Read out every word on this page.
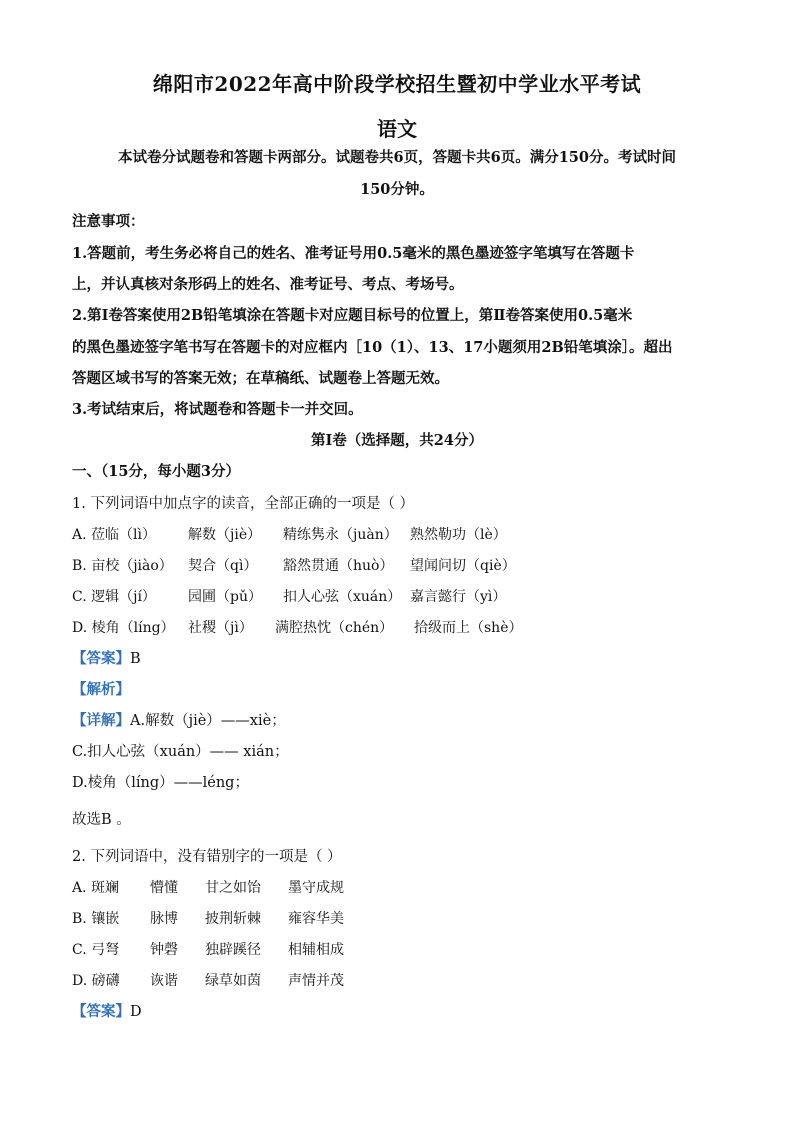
绵阳市2022年高中阶段学校招生暨初中学业水平考试
语文
本试卷分试题卷和答题卡两部分。试题卷共6页，答题卡共6页。满分150分。考试时间
150分钟。
注意事项：
1.答题前，考生务必将自己的姓名、准考证号用0.5毫米的黑色墨迹签字笔填写在答题卡
上，并认真核对条形码上的姓名、准考证号、考点、考场号。
2.第Ⅰ卷答案使用2B铅笔填涂在答题卡对应题目标号的位置上，第Ⅱ卷答案使用0.5毫米
的黑色墨迹签字笔书写在答题卡的对应框内［10（1）、13、17小题须用2B铅笔填涂］。超出
答题区域书写的答案无效；在草稿纸、试题卷上答题无效。
3.考试结束后，将试题卷和答题卡一并交回。
第Ⅰ卷（选择题，共24分）
一、（15分，每小题3分）
1. 下列词语中加点字的读音，全部正确的一项是（ ）
A. 莅临（lì） 解数（jiè） 精练隽永（juàn） 熟然勒功（lè）
B. 亩校（jiào） 契合（qì） 豁然贯通（huò） 望闻问切（qiè）
C. 逻辑（jí） 园圃（pǔ） 扣人心弦（xuán） 嘉言懿行（yì）
D. 棱角（líng） 社稷（jì） 满腔热忱（chén） 拾级而上（shè）
【答案】B
【解析】
【详解】A.解数（jiè）——xiè；
C.扣人心弦（xuán）—— xián；
D.棱角（líng）——léng；
故选B 。
2. 下列词语中，没有错别字的一项是（ ）
A. 斑斓 懵懂 甘之如饴 墨守成规
B. 镶嵌 脉博 披荆斩棘 雍容华美
C. 弓弩 钟磬 独辟蹊径 相辅相成
D. 磅礴 诙谐 绿草如茵 声情并茂
【答案】D
